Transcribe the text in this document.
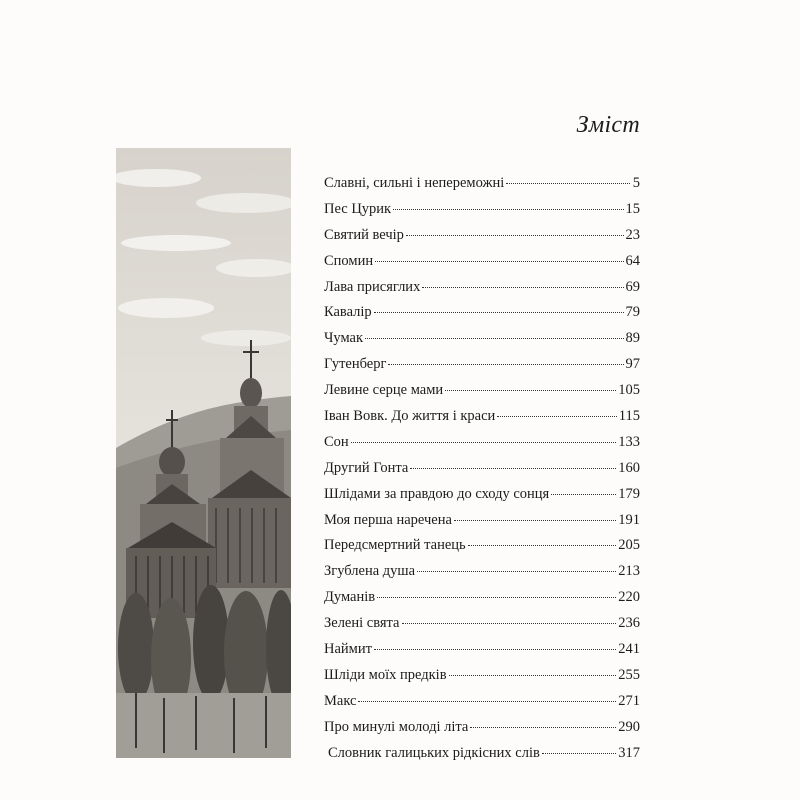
Зміст
Славні, сильні і непереможні	5
Пес Цурик	15
Святий вечір	23
Спомин	64
Лава присяглих	69
Кавалір	79
Чумак	89
Гутенберг	97
Левине серце мами	105
Іван Вовк. До життя і краси	115
Сон	133
Другий Гонта	160
Шлідами за правдою до сходу сонця	179
Моя перша наречена	191
Передсмертний танець	205
Згублена душа	213
Думанів	220
Зелені свята	236
Наймит	241
Шліди моїх предків	255
Макс	271
Про минулі молоді літа	290
Словник галицьких рідкісних слів	317
